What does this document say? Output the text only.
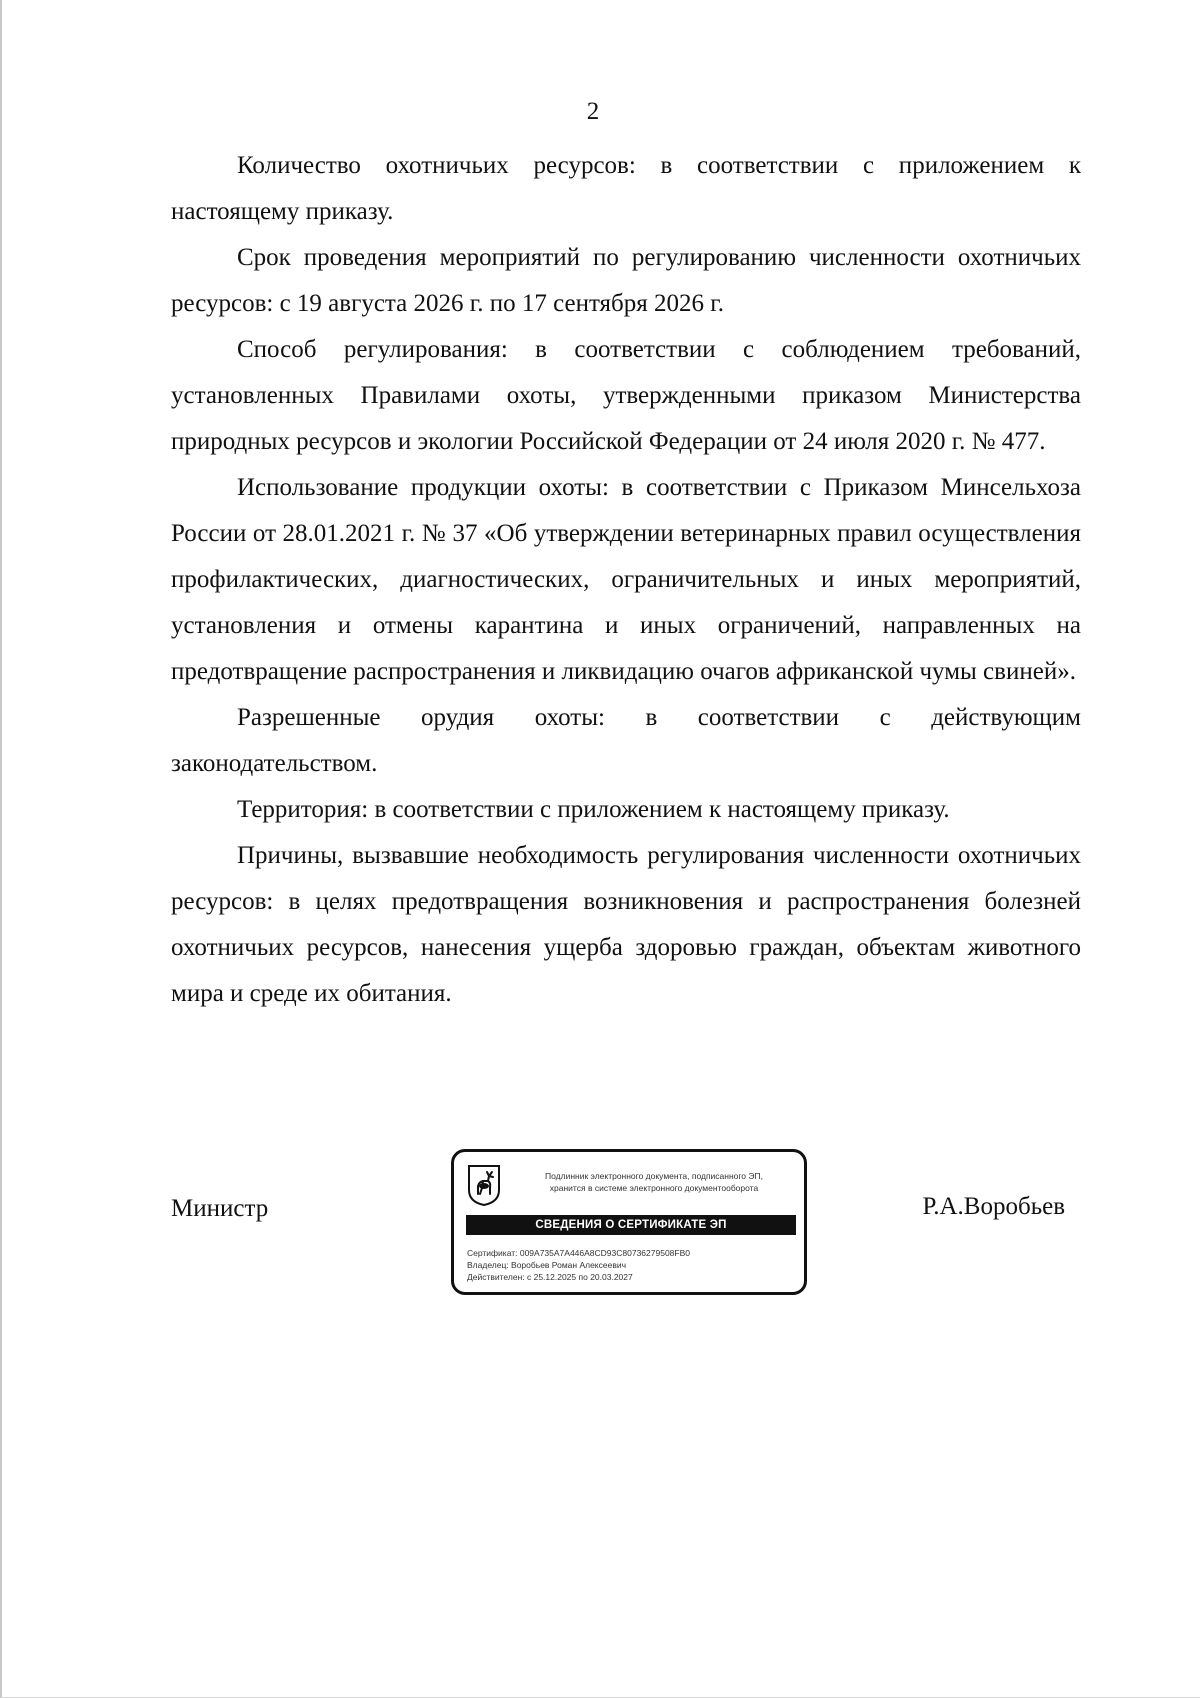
2

Количество охотничьих ресурсов: в соответствии с приложением к настоящему приказу.

Срок проведения мероприятий по регулированию численности охотничьих ресурсов: с 19 августа 2026 г. по 17 сентября 2026 г.

Способ регулирования: в соответствии с соблюдением требований, установленных Правилами охоты, утвержденными приказом Министерства природных ресурсов и экологии Российской Федерации от 24 июля 2020 г. № 477.

Использование продукции охоты: в соответствии с Приказом Минсельхоза России от 28.01.2021 г. № 37 «Об утверждении ветеринарных правил осуществления профилактических, диагностических, ограничительных и иных мероприятий, установления и отмены карантина и иных ограничений, направленных на предотвращение распространения и ликвидацию очагов африканской чумы свиней».

Разрешенные орудия охоты: в соответствии с действующим законодательством.

Территория: в соответствии с приложением к настоящему приказу.

Причины, вызвавшие необходимость регулирования численности охотничьих ресурсов: в целях предотвращения возникновения и распространения болезней охотничьих ресурсов, нанесения ущерба здоровью граждан, объектам животного мира и среде их обитания.

Министр
Подлинник электронного документа, подписанного ЭП,
хранится в системе электронного документооборота
СВЕДЕНИЯ О СЕРТИФИКАТЕ ЭП
Сертификат: 009A735A7A446A8CD93C80736279508FB0
Владелец: Воробьев Роман Алексеевич
Действителен: с 25.12.2025 по 20.03.2027
Р.А.Воробьев
